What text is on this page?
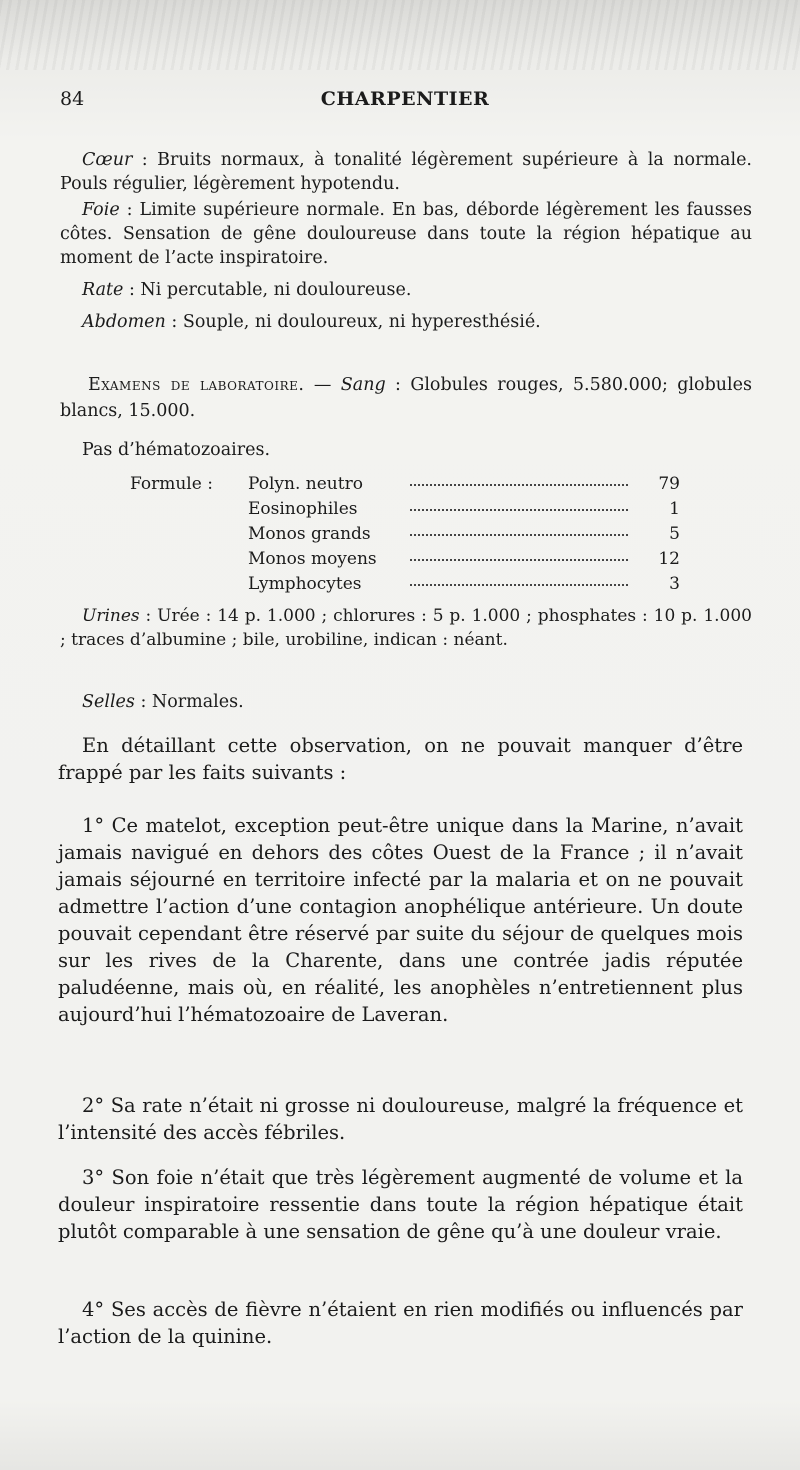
84	CHARPENTIER

Cœur : Bruits normaux, à tonalité légèrement supérieure à la normale. Pouls régulier, légèrement hypotendu.

Foie : Limite supérieure normale. En bas, déborde légèrement les fausses côtes. Sensation de gêne douloureuse dans toute la région hépatique au moment de l’acte inspiratoire.

Rate : Ni percutable, ni douloureuse.

Abdomen : Souple, ni douloureux, ni hyperesthésié.

Examens de laboratoire. — Sang : Globules rouges, 5.580.000; globules blancs, 15.000.

Pas d’hématozoaires.
Formule : Polyn. neutro	79
Eosinophiles	1
Monos grands	5
Monos moyens	12
Lymphocytes	3

Urines : Urée : 14 p. 1.000 ; chlorures : 5 p. 1.000 ; phosphates : 10 p. 1.000 ; traces d’albumine ; bile, urobiline, indican : néant.

Selles : Normales.

En détaillant cette observation, on ne pouvait manquer d’être frappé par les faits suivants :

1° Ce matelot, exception peut-être unique dans la Marine, n’avait jamais navigué en dehors des côtes Ouest de la France ; il n’avait jamais séjourné en territoire infecté par la malaria et on ne pouvait admettre l’action d’une contagion anophélique antérieure. Un doute pouvait cependant être réservé par suite du séjour de quelques mois sur les rives de la Charente, dans une contrée jadis réputée paludéenne, mais où, en réalité, les anophèles n’entretiennent plus aujourd’hui l’hématozoaire de Laveran.

2° Sa rate n’était ni grosse ni douloureuse, malgré la fréquence et l’intensité des accès fébriles.

3° Son foie n’était que très légèrement augmenté de volume et la douleur inspiratoire ressentie dans toute la région hépatique était plutôt comparable à une sensation de gêne qu’à une douleur vraie.

4° Ses accès de fièvre n’étaient en rien modifiés ou influencés par l’action de la quinine.
